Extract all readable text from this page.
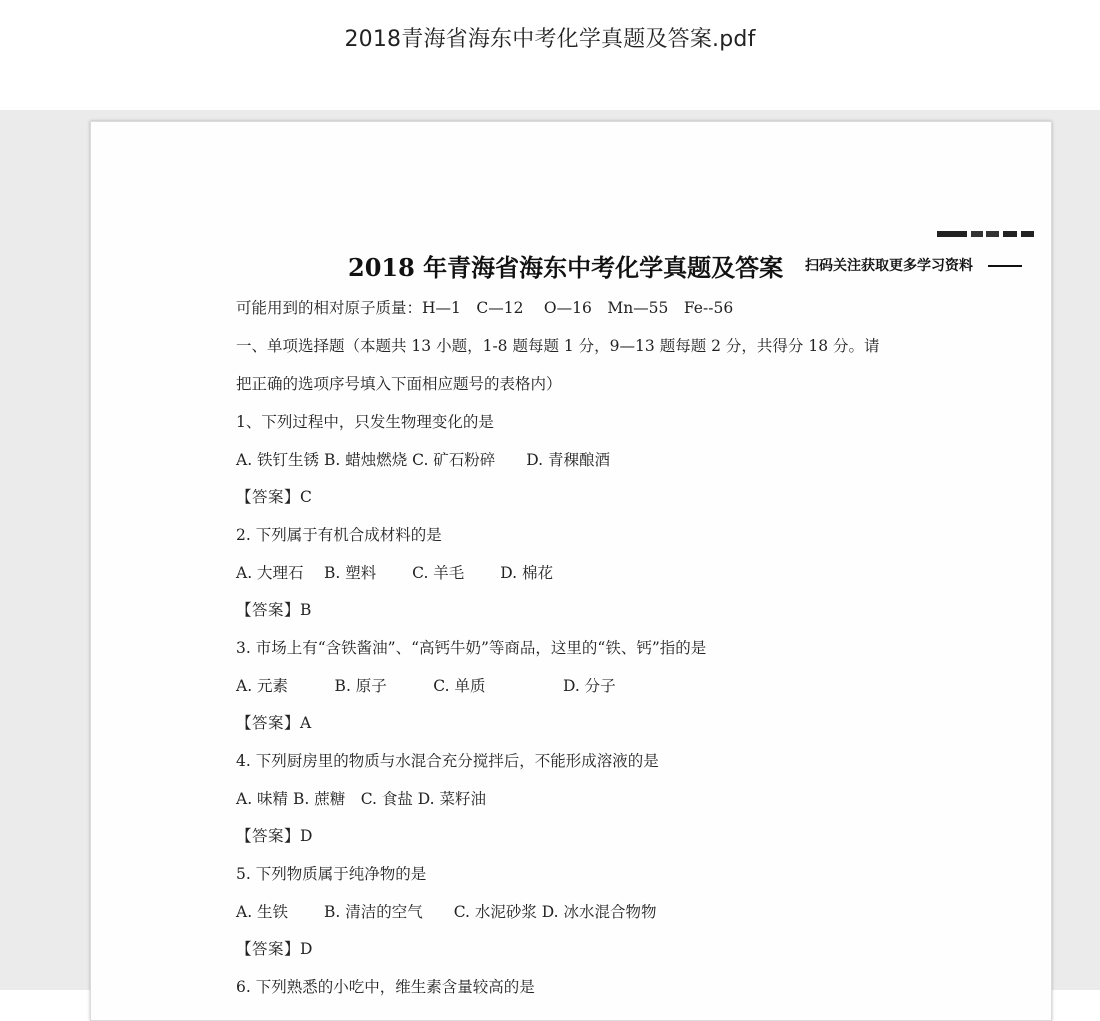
2018青海省海东中考化学真题及答案.pdf
2018 年青海省海东中考化学真题及答案 扫码关注获取更多学习资料
可能用到的相对原子质量：H—1　C—12　 O—16　Mn—55　Fe--56
一、单项选择题（本题共 13 小题，1-8 题每题 1 分，9—13 题每题 2 分，共得分 18 分。请
把正确的选项序号填入下面相应题号的表格内）
1、下列过程中，只发生物理变化的是
A. 铁钉生锈 B. 蜡烛燃烧 C. 矿石粉碎　　D. 青稞酿酒
【答案】C
2. 下列属于有机合成材料的是
A. 大理石　 B. 塑料　　 C. 羊毛　　 D. 棉花
【答案】B
3. 市场上有“含铁酱油”、“高钙牛奶”等商品，这里的“铁、钙”指的是
A. 元素　　　B. 原子　　　C. 单质　　　　　D. 分子
【答案】A
4. 下列厨房里的物质与水混合充分搅拌后，不能形成溶液的是
A. 味精 B. 蔗糖　C. 食盐 D. 菜籽油
【答案】D
5. 下列物质属于纯净物的是
A. 生铁　　 B. 清洁的空气　　C. 水泥砂浆 D. 冰水混合物物
【答案】D
6. 下列熟悉的小吃中，维生素含量较高的是
